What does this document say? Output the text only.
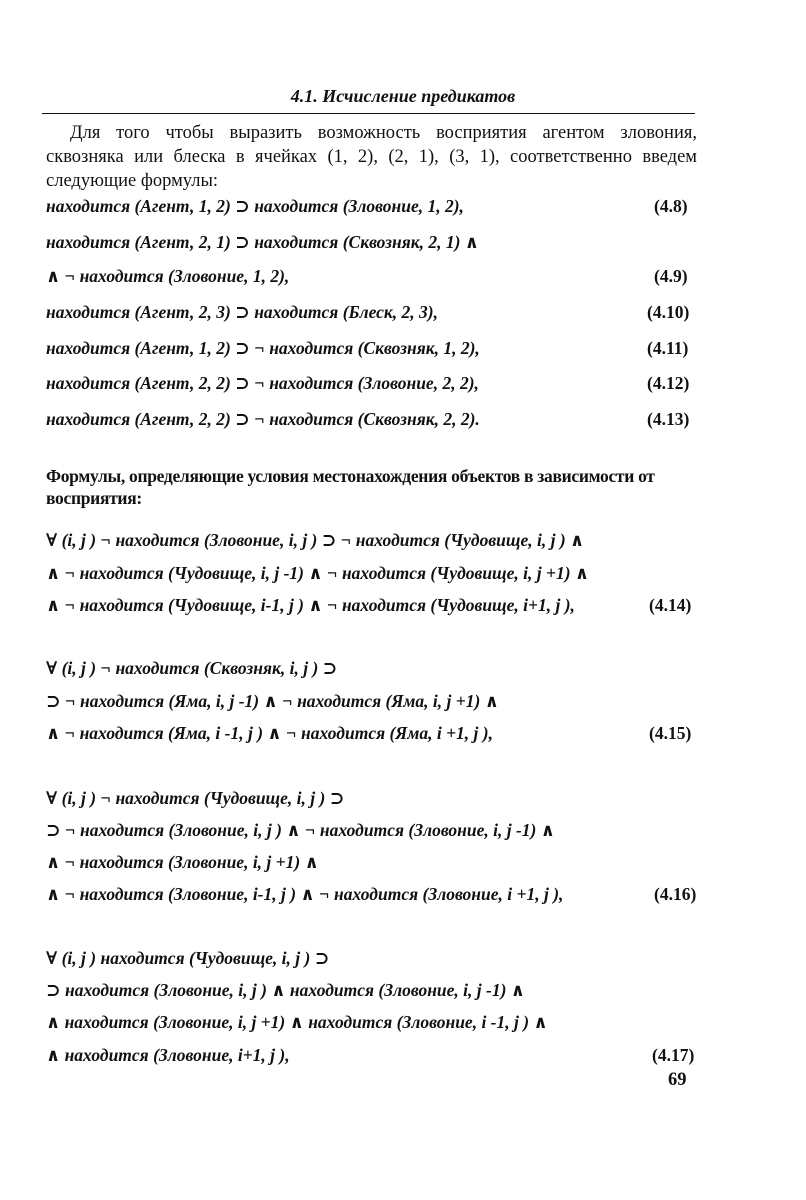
4.1. Исчисление предикатов
Для того чтобы выразить возможность восприятия агентом зловония, сквозняка или блеска в ячейках (1, 2), (2, 1), (3, 1), соответственно введем следующие формулы:
находится (Агент, 1, 2) ⊃ находится (Зловоние, 1, 2),	(4.8)
находится (Агент, 2, 1) ⊃ находится (Сквозняк, 2, 1) ∧
∧ ¬ находится (Зловоние, 1, 2),	(4.9)
находится (Агент, 2, 3) ⊃ находится (Блеск, 2, 3),	(4.10)
находится (Агент, 1, 2) ⊃ ¬ находится (Сквозняк, 1, 2),	(4.11)
находится (Агент, 2, 2) ⊃ ¬ находится (Зловоние, 2, 2),	(4.12)
находится (Агент, 2, 2) ⊃ ¬ находится (Сквозняк, 2, 2).	(4.13)
Формулы, определяющие условия местонахождения объектов в зависимости от восприятия:
∀ (i, j ) ¬ находится (Зловоние, i, j ) ⊃ ¬ находится (Чудовище, i, j ) ∧
∧ ¬ находится (Чудовище, i, j -1) ∧ ¬ находится (Чудовище, i, j +1) ∧
∧ ¬ находится (Чудовище, i-1, j ) ∧ ¬ находится (Чудовище, i+1, j ),	(4.14)
∀ (i, j ) ¬ находится (Сквозняк, i, j ) ⊃
⊃ ¬ находится (Яма, i, j -1) ∧ ¬ находится (Яма, i, j +1) ∧
∧ ¬ находится (Яма, i -1, j ) ∧ ¬ находится (Яма, i +1, j ),	(4.15)
∀ (i, j ) ¬ находится (Чудовище, i, j ) ⊃
⊃ ¬ находится (Зловоние, i, j ) ∧ ¬ находится (Зловоние, i, j -1) ∧
∧ ¬ находится (Зловоние, i, j +1) ∧
∧ ¬ находится (Зловоние, i-1, j ) ∧ ¬ находится (Зловоние, i +1, j ),	(4.16)
∀ (i, j ) находится (Чудовище, i, j ) ⊃
⊃ находится (Зловоние, i, j ) ∧ находится (Зловоние, i, j -1) ∧
∧ находится (Зловоние, i, j +1) ∧ находится (Зловоние, i -1, j ) ∧
∧ находится (Зловоние, i+1, j ),	(4.17)
69
